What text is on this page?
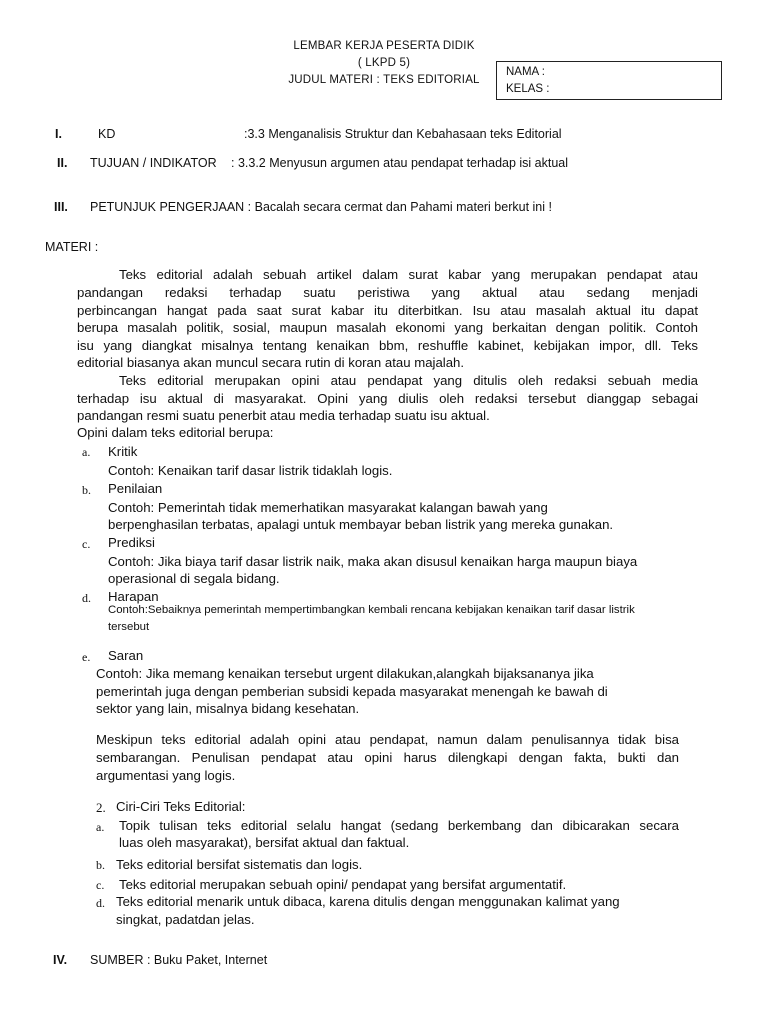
LEMBAR KERJA PESERTA DIDIK
( LKPD 5)
JUDUL MATERI : TEKS EDITORIAL
NAMA :
KELAS :
I.	KD	:3.3 Menganalisis Struktur dan Kebahasaan teks Editorial
II. TUJUAN / INDIKATOR : 3.3.2 Menyusun argumen atau pendapat terhadap isi aktual
III. PETUNJUK PENGERJAAN : Bacalah secara cermat dan Pahami materi berkut ini !
MATERI :
Teks editorial adalah sebuah artikel dalam surat kabar yang merupakan pendapat atau
pandangan redaksi terhadap suatu peristiwa yang aktual atau sedang menjadi
perbincangan hangat pada saat surat kabar itu diterbitkan. Isu atau masalah aktual itu dapat
berupa masalah politik, sosial, maupun masalah ekonomi yang berkaitan dengan politik. Contoh
isu yang diangkat misalnya tentang kenaikan bbm, reshuffle kabinet, kebijakan impor, dll. Teks
editorial biasanya akan muncul secara rutin di koran atau majalah.
Teks editorial merupakan opini atau pendapat yang ditulis oleh redaksi sebuah media
terhadap isu aktual di masyarakat. Opini yang diulis oleh redaksi tersebut dianggap sebagai
pandangan resmi suatu penerbit atau media terhadap suatu isu aktual.
Opini dalam teks editorial berupa:
a. Kritik
Contoh: Kenaikan tarif dasar listrik tidaklah logis.
b. Penilaian
Contoh: Pemerintah tidak memerhatikan masyarakat kalangan bawah yang
berpenghasilan terbatas, apalagi untuk membayar beban listrik yang mereka gunakan.
c. Prediksi
Contoh: Jika biaya tarif dasar listrik naik, maka akan disusul kenaikan harga maupun biaya
operasional di segala bidang.
d. Harapan
Contoh:Sebaiknya pemerintah mempertimbangkan kembali rencana kebijakan kenaikan tarif dasar listrik
tersebut
e. Saran
Contoh: Jika memang kenaikan tersebut urgent dilakukan,alangkah bijaksananya jika
pemerintah juga dengan pemberian subsidi kepada masyarakat menengah ke bawah di
sektor yang lain, misalnya bidang kesehatan.
Meskipun teks editorial adalah opini atau pendapat, namun dalam penulisannya tidak bisa
sembarangan. Penulisan pendapat atau opini harus dilengkapi dengan fakta, bukti dan
argumentasi yang logis.
2. Ciri-Ciri Teks Editorial:
a. Topik tulisan teks editorial selalu hangat (sedang berkembang dan dibicarakan secara
luas oleh masyarakat), bersifat aktual dan faktual.
b. Teks editorial bersifat sistematis dan logis.
c. Teks editorial merupakan sebuah opini/ pendapat yang bersifat argumentatif.
d. Teks editorial menarik untuk dibaca, karena ditulis dengan menggunakan kalimat yang
singkat, padatdan jelas.
IV. SUMBER : Buku Paket, Internet
